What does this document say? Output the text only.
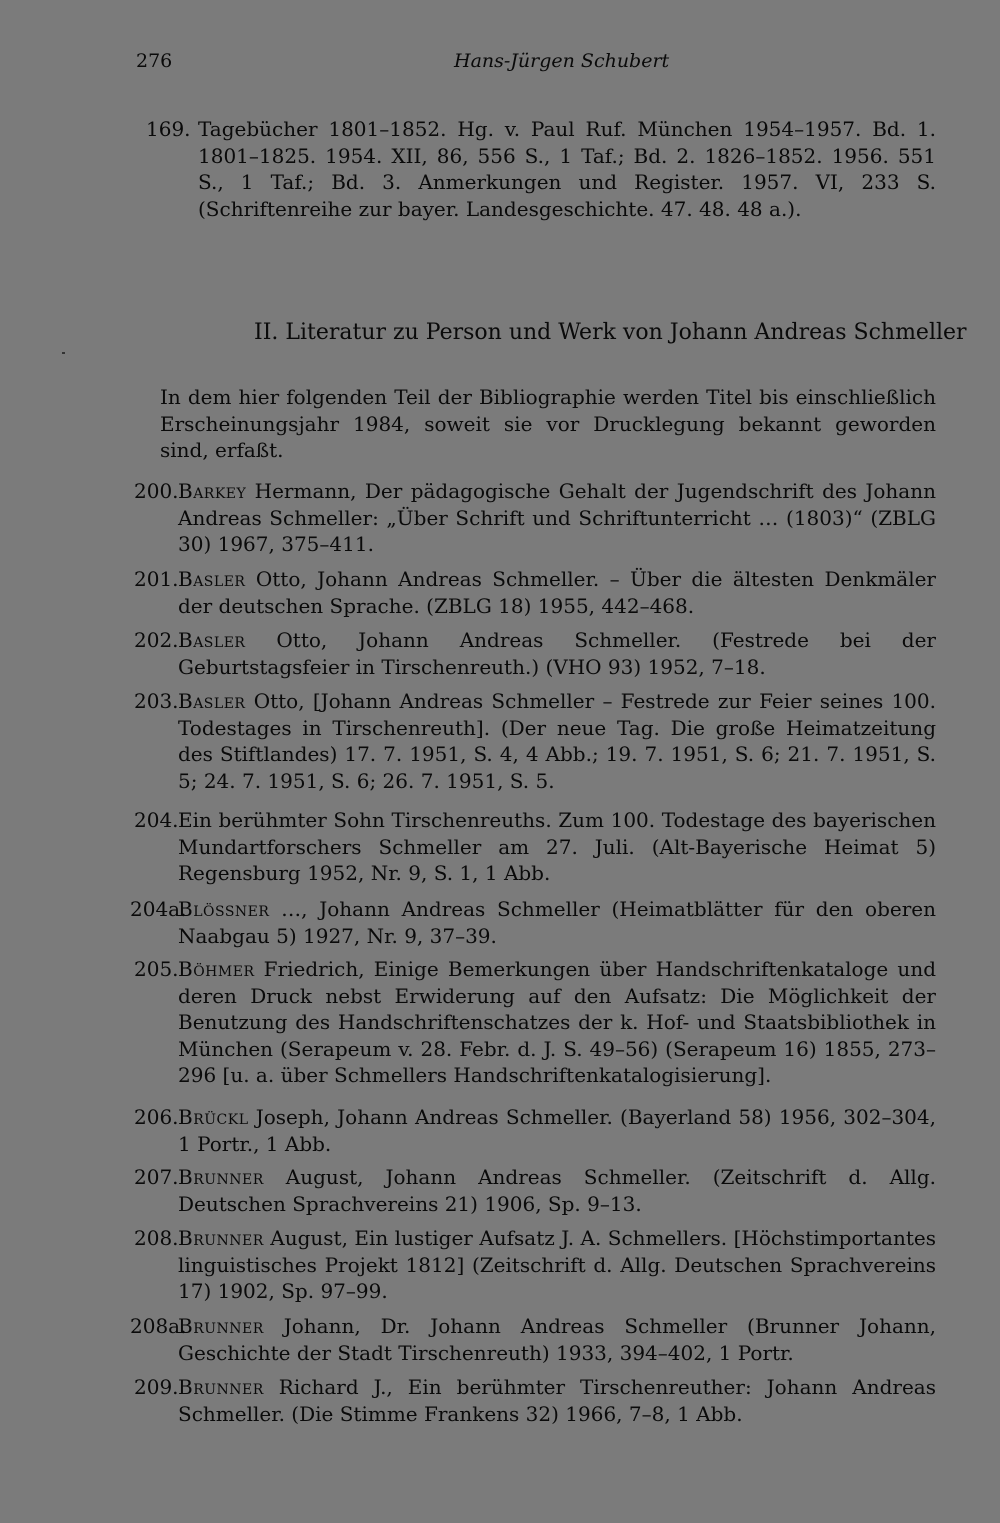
276	Hans-Jürgen Schubert
169. Tagebücher 1801–1852. Hg. v. Paul Ruf. München 1954–1957. Bd. 1. 1801–1825. 1954. XII, 86, 556 S., 1 Taf.; Bd. 2. 1826–1852. 1956. 551 S., 1 Taf.; Bd. 3. Anmerkungen und Register. 1957. VI, 233 S. (Schriftenreihe zur bayer. Landesgeschichte. 47. 48. 48 a.).
II. Literatur zu Person und Werk von Johann Andreas Schmeller
In dem hier folgenden Teil der Bibliographie werden Titel bis einschließlich Erscheinungsjahr 1984, soweit sie vor Drucklegung bekannt geworden sind, erfaßt.
200. Barkey Hermann, Der pädagogische Gehalt der Jugendschrift des Johann Andreas Schmeller: „Über Schrift und Schriftunterricht … (1803)“ (ZBLG 30) 1967, 375–411.
201. Basler Otto, Johann Andreas Schmeller. – Über die ältesten Denkmäler der deutschen Sprache. (ZBLG 18) 1955, 442–468.
202. Basler Otto, Johann Andreas Schmeller. (Festrede bei der Geburtstagsfeier in Tirschenreuth.) (VHO 93) 1952, 7–18.
203. Basler Otto, [Johann Andreas Schmeller – Festrede zur Feier seines 100. Todestages in Tirschenreuth]. (Der neue Tag. Die große Heimatzeitung des Stiftlandes) 17. 7. 1951, S. 4, 4 Abb.; 19. 7. 1951, S. 6; 21. 7. 1951, S. 5; 24. 7. 1951, S. 6; 26. 7. 1951, S. 5.
204. Ein berühmter Sohn Tirschenreuths. Zum 100. Todestage des bayerischen Mundartforschers Schmeller am 27. Juli. (Alt-Bayerische Heimat 5) Regensburg 1952, Nr. 9, S. 1, 1 Abb.
204a.
Blössner …, Johann Andreas Schmeller (Heimatblätter für den oberen Naabgau 5) 1927, Nr. 9, 37–39.
205. Böhmer Friedrich, Einige Bemerkungen über Handschriftenkataloge und deren Druck nebst Erwiderung auf den Aufsatz: Die Möglichkeit der Benutzung des Handschriftenschatzes der k. Hof- und Staatsbibliothek in München (Serapeum v. 28. Febr. d. J. S. 49–56) (Serapeum 16) 1855, 273–296 [u. a. über Schmellers Handschriftenkatalogisierung].
206. Brückl Joseph, Johann Andreas Schmeller. (Bayerland 58) 1956, 302–304, 1 Portr., 1 Abb.
207. Brunner August, Johann Andreas Schmeller. (Zeitschrift d. Allg. Deutschen Sprachvereins 21) 1906, Sp. 9–13.
208. Brunner August, Ein lustiger Aufsatz J. A. Schmellers. [Höchstimportantes linguistisches Projekt 1812] (Zeitschrift d. Allg. Deutschen Sprachvereins 17) 1902, Sp. 97–99.
208a.
Brunner Johann, Dr. Johann Andreas Schmeller (Brunner Johann, Geschichte der Stadt Tirschenreuth) 1933, 394–402, 1 Portr.
209. Brunner Richard J., Ein berühmter Tirschenreuther: Johann Andreas Schmeller. (Die Stimme Frankens 32) 1966, 7–8, 1 Abb.
